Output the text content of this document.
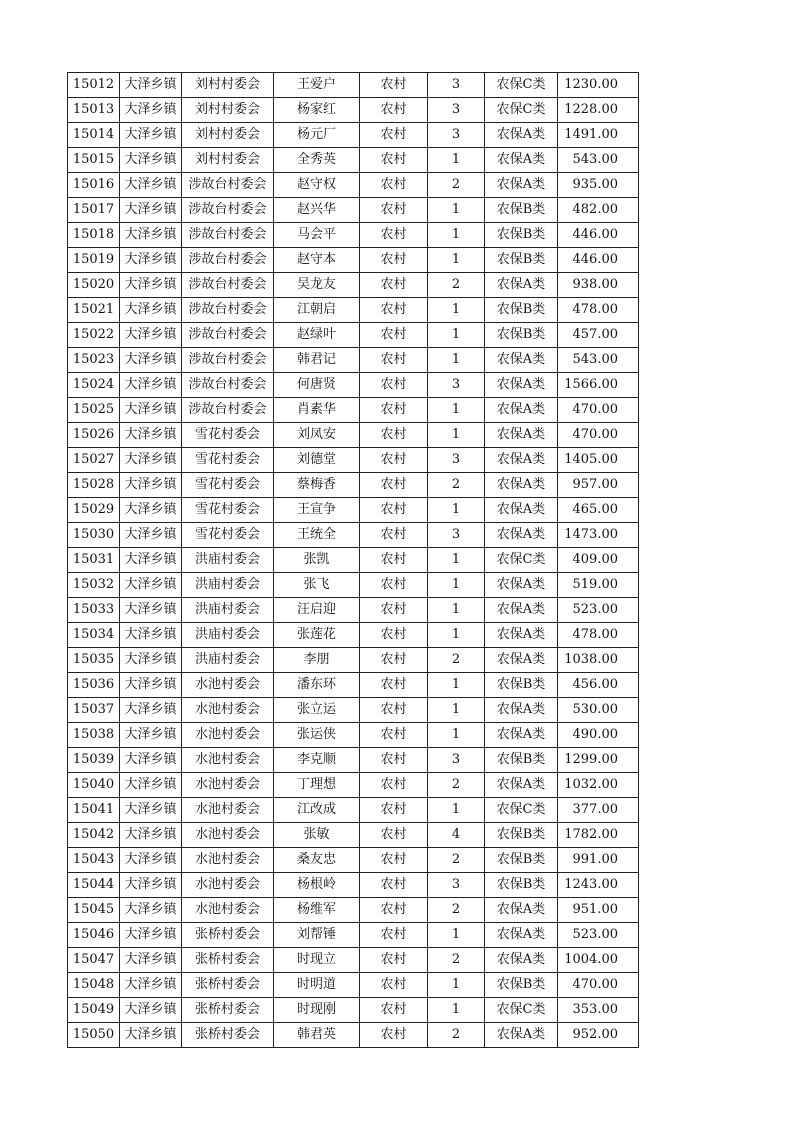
15012	大泽乡镇	刘村村委会	王爱户	农村	3	农保C类	1230.00
15013	大泽乡镇	刘村村委会	杨家红	农村	3	农保C类	1228.00
15014	大泽乡镇	刘村村委会	杨元厂	农村	3	农保A类	1491.00
15015	大泽乡镇	刘村村委会	全秀英	农村	1	农保A类	543.00
15016	大泽乡镇	涉故台村委会	赵守权	农村	2	农保A类	935.00
15017	大泽乡镇	涉故台村委会	赵兴华	农村	1	农保B类	482.00
15018	大泽乡镇	涉故台村委会	马会平	农村	1	农保B类	446.00
15019	大泽乡镇	涉故台村委会	赵守本	农村	1	农保B类	446.00
15020	大泽乡镇	涉故台村委会	吴龙友	农村	2	农保A类	938.00
15021	大泽乡镇	涉故台村委会	江朝启	农村	1	农保B类	478.00
15022	大泽乡镇	涉故台村委会	赵绿叶	农村	1	农保B类	457.00
15023	大泽乡镇	涉故台村委会	韩君记	农村	1	农保A类	543.00
15024	大泽乡镇	涉故台村委会	何唐贤	农村	3	农保A类	1566.00
15025	大泽乡镇	涉故台村委会	肖素华	农村	1	农保A类	470.00
15026	大泽乡镇	雪花村委会	刘凤安	农村	1	农保A类	470.00
15027	大泽乡镇	雪花村委会	刘德堂	农村	3	农保A类	1405.00
15028	大泽乡镇	雪花村委会	蔡梅香	农村	2	农保A类	957.00
15029	大泽乡镇	雪花村委会	王宣争	农村	1	农保A类	465.00
15030	大泽乡镇	雪花村委会	王统全	农村	3	农保A类	1473.00
15031	大泽乡镇	洪庙村委会	张凯	农村	1	农保C类	409.00
15032	大泽乡镇	洪庙村委会	张飞	农村	1	农保A类	519.00
15033	大泽乡镇	洪庙村委会	汪启迎	农村	1	农保A类	523.00
15034	大泽乡镇	洪庙村委会	张莲花	农村	1	农保A类	478.00
15035	大泽乡镇	洪庙村委会	李朋	农村	2	农保A类	1038.00
15036	大泽乡镇	水池村委会	潘东环	农村	1	农保B类	456.00
15037	大泽乡镇	水池村委会	张立运	农村	1	农保A类	530.00
15038	大泽乡镇	水池村委会	张运侠	农村	1	农保A类	490.00
15039	大泽乡镇	水池村委会	李克顺	农村	3	农保B类	1299.00
15040	大泽乡镇	水池村委会	丁理想	农村	2	农保A类	1032.00
15041	大泽乡镇	水池村委会	江改成	农村	1	农保C类	377.00
15042	大泽乡镇	水池村委会	张敏	农村	4	农保B类	1782.00
15043	大泽乡镇	水池村委会	桑友忠	农村	2	农保B类	991.00
15044	大泽乡镇	水池村委会	杨根岭	农村	3	农保B类	1243.00
15045	大泽乡镇	水池村委会	杨维军	农村	2	农保A类	951.00
15046	大泽乡镇	张桥村委会	刘帮锤	农村	1	农保A类	523.00
15047	大泽乡镇	张桥村委会	时现立	农村	2	农保A类	1004.00
15048	大泽乡镇	张桥村委会	时明道	农村	1	农保B类	470.00
15049	大泽乡镇	张桥村委会	时现刚	农村	1	农保C类	353.00
15050	大泽乡镇	张桥村委会	韩君英	农村	2	农保A类	952.00
